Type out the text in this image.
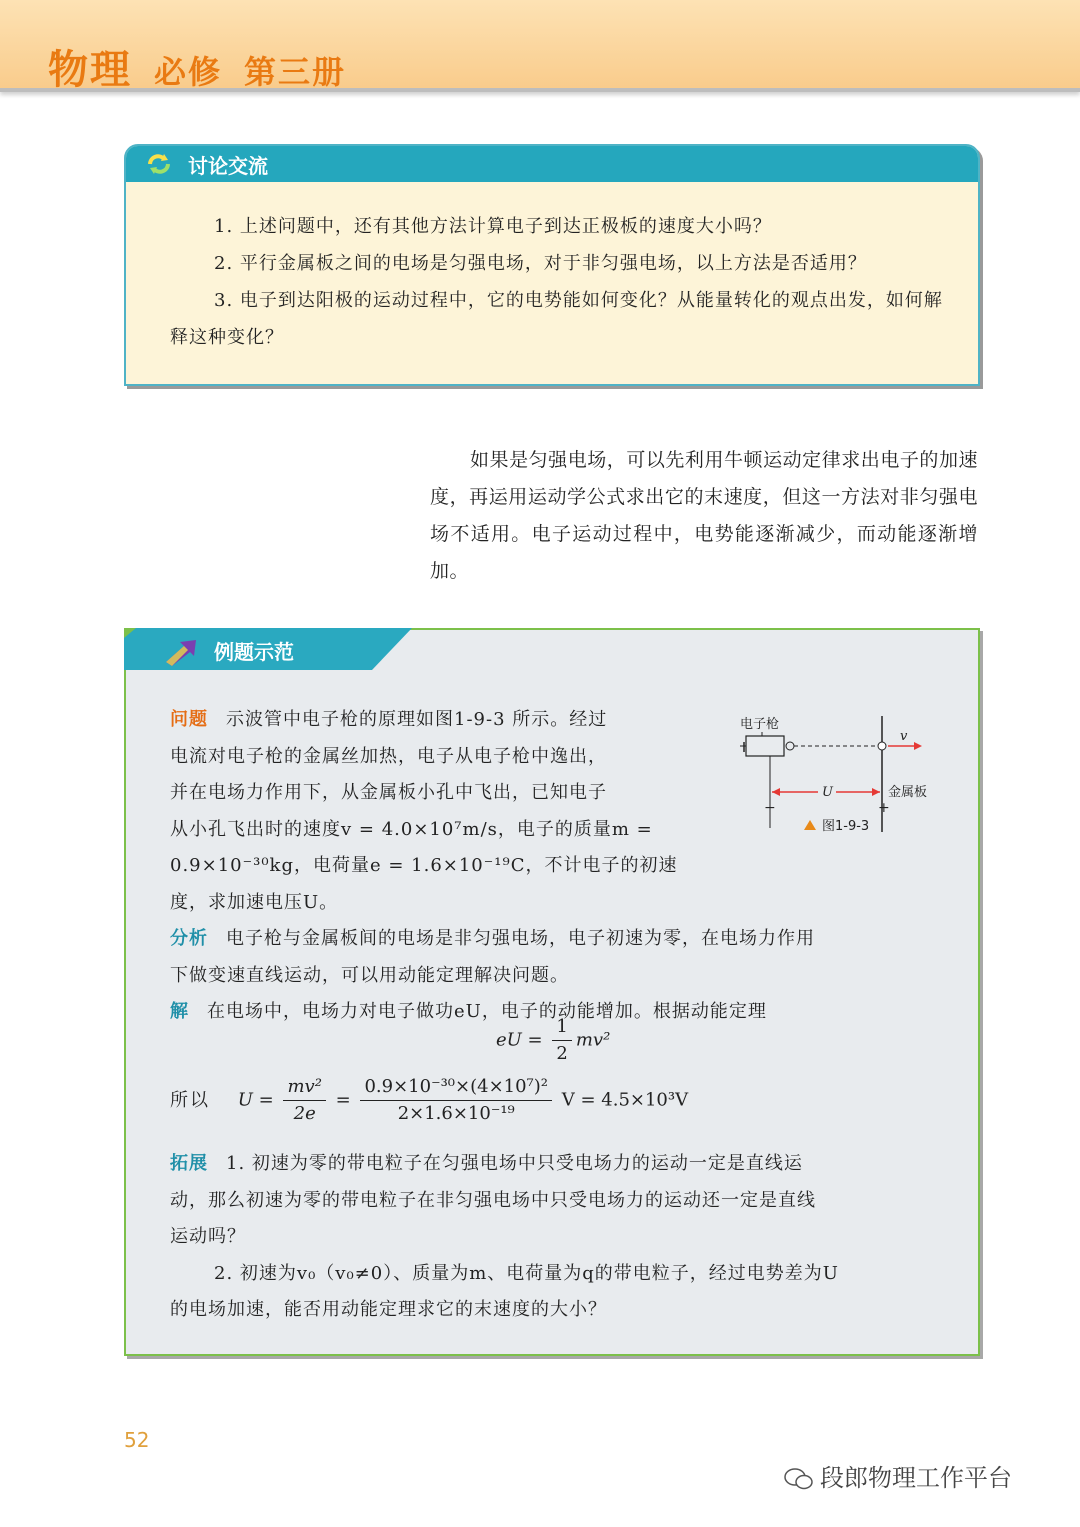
物理 必修 第三册
讨论交流

1. 上述问题中，还有其他方法计算电子到达正极板的速度大小吗？

2. 平行金属板之间的电场是匀强电场，对于非匀强电场，以上方法是否适用？

3. 电子到达阳极的运动过程中，它的电势能如何变化？从能量转化的观点出发，如何解释这种变化？

如果是匀强电场，可以先利用牛顿运动定律求出电子的加速度，再运用运动学公式求出它的末速度，但这一方法对非匀强电场不适用。电子运动过程中，电势能逐渐减少，而动能逐渐增加。

例题示范
问题 示波管中电子枪的原理如图1-9-3 所示。经过
电流对电子枪的金属丝加热，电子从电子枪中逸出，
并在电场力作用下，从金属板小孔中飞出，已知电子
从小孔飞出时的速度v = 4.0×10⁷m/s，电子的质量m =
0.9×10⁻³⁰kg，电荷量e = 1.6×10⁻¹⁹C，不计电子的初速
度，求加速电压U。
分析 电子枪与金属板间的电场是非匀强电场，电子初速为零，在电场力作用
下做变速直线运动，可以用动能定理解决问题。
解 在电场中，电场力对电子做功eU，电子的动能增加。根据动能定理
eU = $\frac{1}{2} mv^2$
所以 $U = \frac{\text{mv²}}{2e} = \frac{\text{0.9×10⁻³⁰×(4×10⁷)²}}{\text{2×1.6×10⁻¹⁹}}$ V = 4.5×10³V
拓展 1. 初速为零的带电粒子在匀强电场中只受电场力的运动一定是直线运
动，那么初速为零的带电粒子在非匀强电场中只受电场力的运动还一定是直线
运动吗？
2. 初速为v₀（v₀≠0）、质量为m、电荷量为q的带电粒子，经过电势差为U
的电场加速，能否用动能定理求它的末速度的大小？
电子枪
v
U	金属板
−	+
图1-9-3
52
段郎物理工作平台
